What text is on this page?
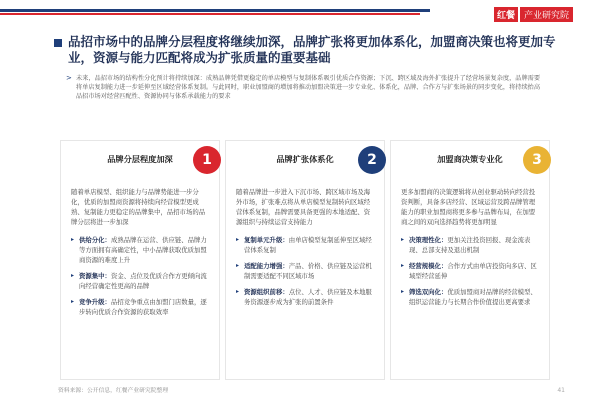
红餐	产业研究院
品招市场中的品牌分层程度将继续加深，品牌扩张将更加体系化，加盟商决策也将更加专业，资源与能力匹配将成为扩张质量的重要基础
> 未来，品招市场的结构性分化预计将持续加深：成熟品牌凭借更稳定的单店模型与复制体系吸引优质合作资源；下沉、跨区域及海外扩张提升了经营场景复杂度，品牌需要将单店复制能力进一步延伸至区域经营体系复制。与此同时，职业加盟商的增加将推动加盟决策进一步专业化、体系化，品牌、合作方与扩张场景的同步变化，将持续抬高品招市场对经营匹配性、资源协同与体系承载能力的要求
品牌分层程度加深	1
随着单店模型、组织能力与品牌势能进一步分化，优质的加盟商资源将持续向经营模型更成熟、复制能力更稳定的品牌集中，品招市场的品牌分层将进一步加深
▸ 供给分化：成熟品牌在运营、供应链、品牌力等方面拥有高确定性，中小品牌获取优质加盟商资源的难度上升
▸ 资源集中：资金、点位及优质合作方更倾向流向经营确定性更高的品牌
▸ 竞争升级：品招竞争重点由加盟门店数量，逐步转向优质合作资源的获取效率
品牌扩张体系化	2
随着品牌进一步进入下沉市场、跨区域市场及海外市场，扩张难点将从单店模型复制转向区域经营体系复制，品牌需要具备更强的本地适配、资源组织与持续运营支持能力
▸ 复制单元升级：由单店模型复制延伸至区域经营体系复制
▸ 适配能力增强：产品、价格、供应链及运营机制需要适配不同区域市场
▸ 资源组织前移：点位、人才、供应链及本地服务资源逐步成为扩张的前置条件
加盟商决策专业化	3
更多加盟商的决策逻辑将从创业驱动转向经营投资判断，具备多店经营、区域运营及跨品牌管理能力的职业加盟商将更多参与品牌布局，在加盟商之间的双向选择趋势将更加明显
▸ 决策理性化：更加关注投资回报、现金流表现、总部支持及退出机制
▸ 经营规模化：合作方式由单店投资向多店、区域型经营延伸
▸ 筛选双向化：优质加盟商对品牌的经营模型、组织运营能力与长期合作价值提出更高要求
资料来源：公开信息，红餐产业研究院整理	41
